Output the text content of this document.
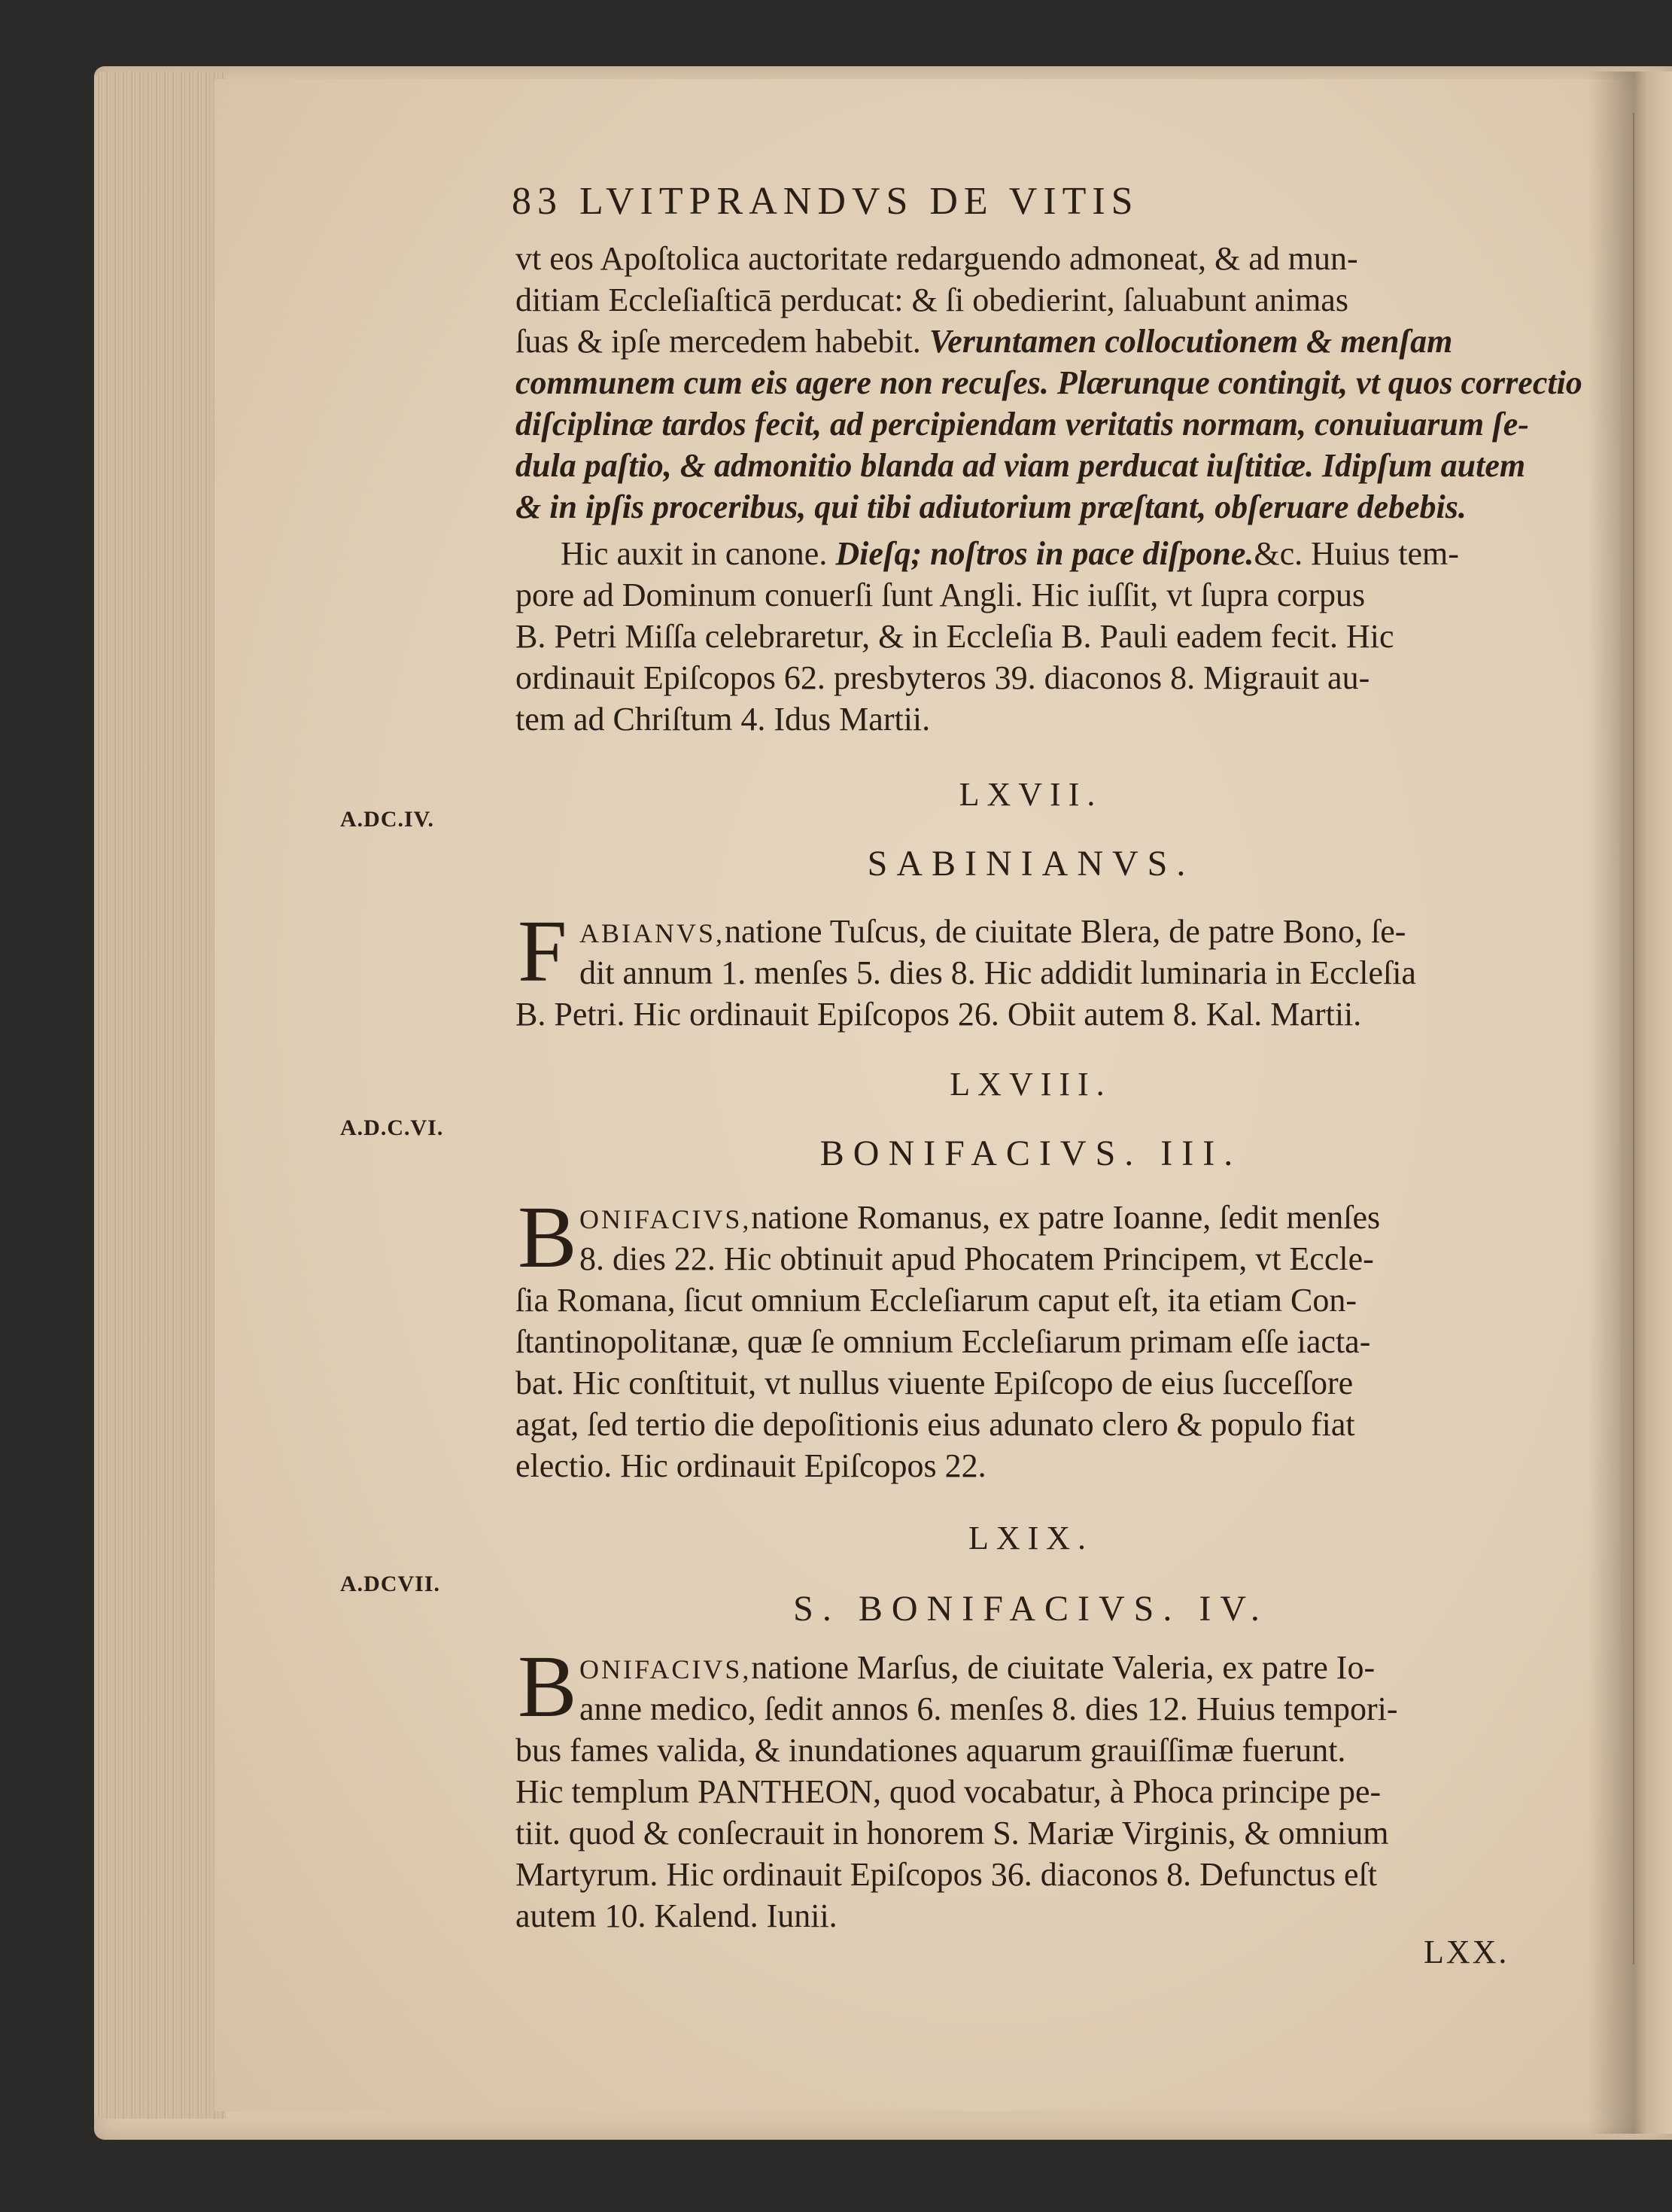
83 LVITPRANDVS DE VITIS
vt eos Apoſtolica auctoritate redarguendo admoneat, & ad mun-
ditiam Eccleſiaſticā perducat: & ſi obedierint, ſaluabunt animas
ſuas & ipſe mercedem habebit. Veruntamen collocutionem & menſam
communem cum eis agere non recuſes. Plærunque contingit, vt quos correctio
diſciplinæ tardos fecit, ad percipiendam veritatis normam, conuiuarum ſe-
dula paſtio, & admonitio blanda ad viam perducat iuſtitiæ. Idipſum autem
& in ipſis proceribus, qui tibi adiutorium præſtant, obſeruare debebis.
Hic auxit in canone. Dieſq; noſtros in pace diſpone.&c. Huius tem-
pore ad Dominum conuerſi ſunt Angli. Hic iuſſit, vt ſupra corpus
B. Petri Miſſa celebraretur, & in Eccleſia B. Pauli eadem fecit. Hic
ordinauit Epiſcopos 62. presbyteros 39. diaconos 8. Migrauit au-
tem ad Chriſtum 4. Idus Martii.
A.DC.IV.
LXVII.
SABINIANVS.
F ABIANVS,natione Tuſcus, de ciuitate Blera, de patre Bono, ſe-
dit annum 1. menſes 5. dies 8. Hic addidit luminaria in Eccleſia
B. Petri. Hic ordinauit Epiſcopos 26. Obiit autem 8. Kal. Martii.
A.D.C.VI.
LXVIII.
BONIFACIVS. III.
B ONIFACIVS,natione Romanus, ex patre Ioanne, ſedit menſes
8. dies 22. Hic obtinuit apud Phocatem Principem, vt Eccle-
ſia Romana, ſicut omnium Eccleſiarum caput eſt, ita etiam Con-
ſtantinopolitanæ, quæ ſe omnium Eccleſiarum primam eſſe iacta-
bat. Hic conſtituit, vt nullus viuente Epiſcopo de eius ſucceſſore
agat, ſed tertio die depoſitionis eius adunato clero & populo fiat
electio. Hic ordinauit Epiſcopos 22.
A.DCVII.
LXIX.
S. BONIFACIVS. IV.
B ONIFACIVS,natione Marſus, de ciuitate Valeria, ex patre Io-
anne medico, ſedit annos 6. menſes 8. dies 12. Huius tempori-
bus fames valida, & inundationes aquarum grauiſſimæ fuerunt.
Hic templum PANTHEON, quod vocabatur, à Phoca principe pe-
tiit. quod & conſecrauit in honorem S. Mariæ Virginis, & omnium
Martyrum. Hic ordinauit Epiſcopos 36. diaconos 8. Defunctus eſt
autem 10. Kalend. Iunii.
LXX.
